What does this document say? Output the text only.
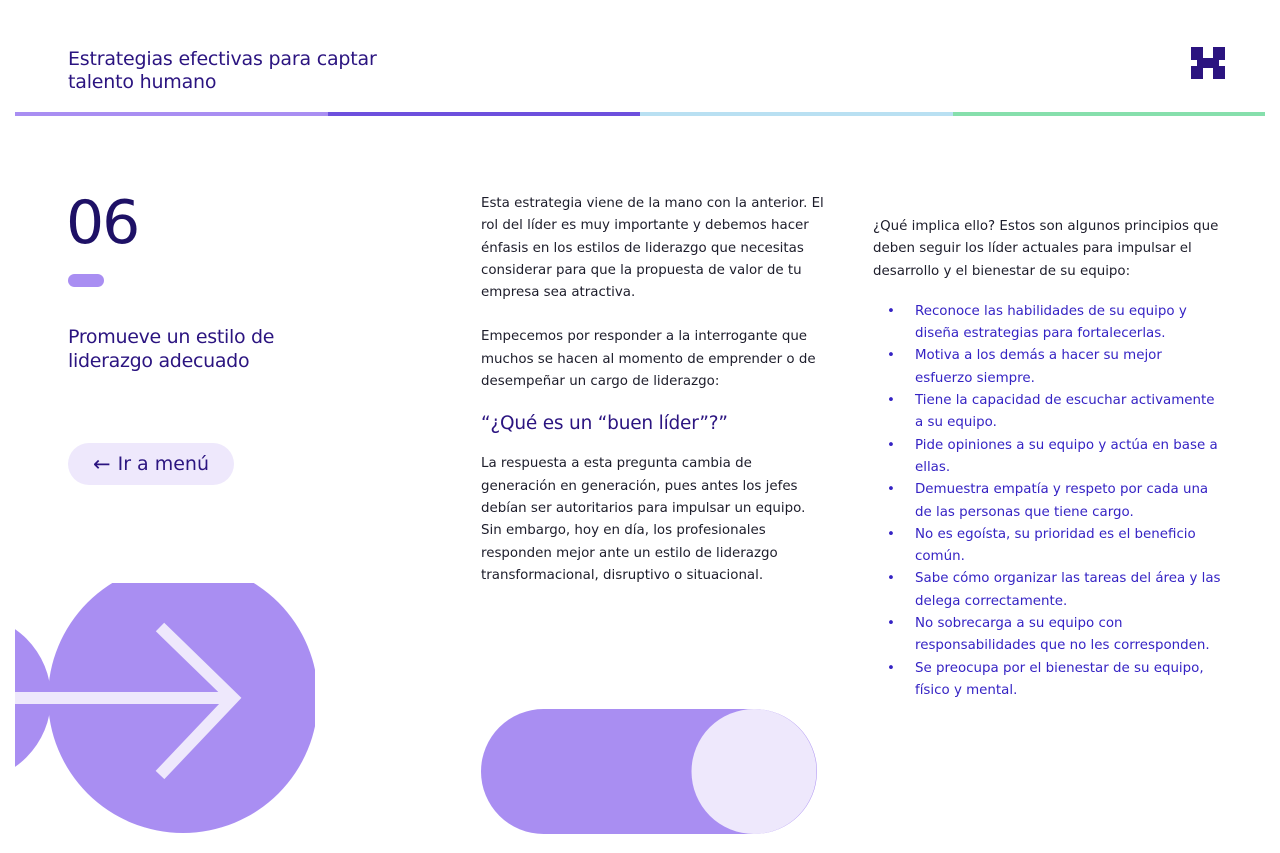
Estrategias efectivas para captar talento humano
06
Promueve un estilo de liderazgo adecuado
← Ir a menú

Esta estrategia viene de la mano con la anterior. El rol del líder es muy importante y debemos hacer énfasis en los estilos de liderazgo que necesitas considerar para que la propuesta de valor de tu empresa sea atractiva.

Empecemos por responder a la interrogante que muchos se hacen al momento de emprender o de desempeñar un cargo de liderazgo:

“¿Qué es un “buen líder”?”

La respuesta a esta pregunta cambia de generación en generación, pues antes los jefes debían ser autoritarios para impulsar un equipo. Sin embargo, hoy en día, los profesionales responden mejor ante un estilo de liderazgo transformacional, disruptivo o situacional.

¿Qué implica ello? Estos son algunos principios que deben seguir los líder actuales para impulsar el desarrollo y el bienestar de su equipo:

• Reconoce las habilidades de su equipo y diseña estrategias para fortalecerlas.
• Motiva a los demás a hacer su mejor esfuerzo siempre.
• Tiene la capacidad de escuchar activamente a su equipo.
• Pide opiniones a su equipo y actúa en base a ellas.
• Demuestra empatía y respeto por cada una de las personas que tiene cargo.
• No es egoísta, su prioridad es el beneficio común.
• Sabe cómo organizar las tareas del área y las delega correctamente.
• No sobrecarga a su equipo con responsabilidades que no les corresponden.
• Se preocupa por el bienestar de su equipo, físico y mental.
